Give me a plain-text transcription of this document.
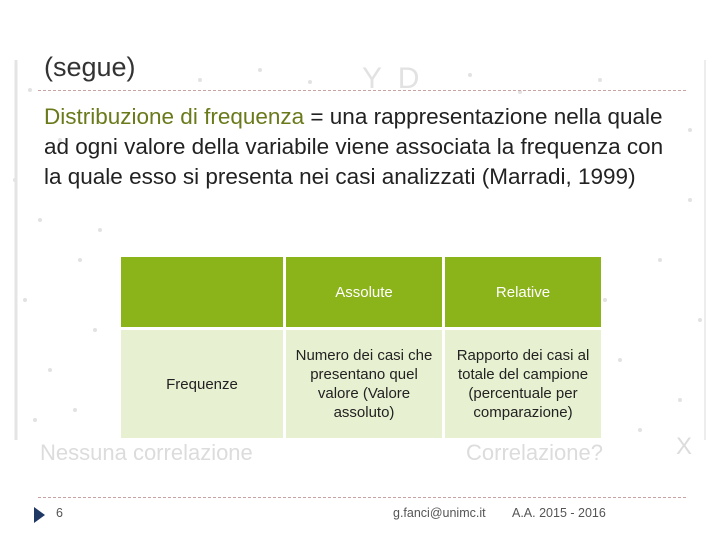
Y D
Nessuna correlazione	Correlazione?	X
(segue)
Distribuzione di frequenza = una rappresentazione nella quale ad ogni valore della variabile viene associata la frequenza con la quale esso si presenta nei casi analizzati (Marradi, 1999)
	Assolute	Relative
Frequenze	Numero dei casi che presentano quel valore (Valore assoluto)	Rapporto dei casi al totale del campione (percentuale per comparazione)
6	g.fanci@unimc.it A.A. 2015 - 2016
